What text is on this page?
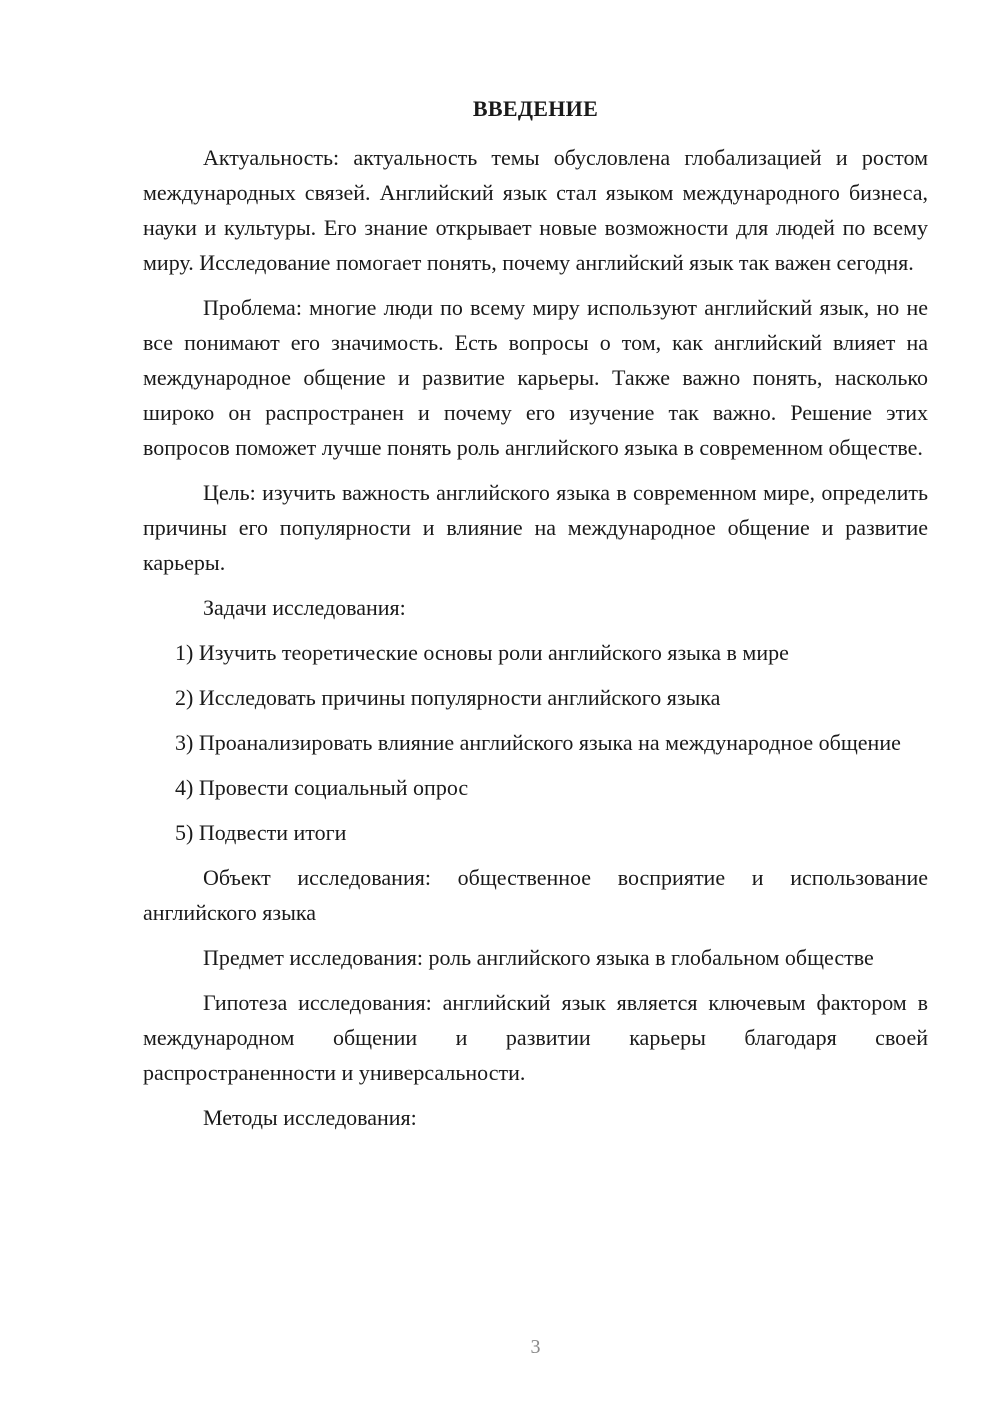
ВВЕДЕНИЕ

Актуальность: актуальность темы обусловлена глобализацией и ростом международных связей. Английский язык стал языком международного бизнеса, науки и культуры. Его знание открывает новые возможности для людей по всему миру. Исследование помогает понять, почему английский язык так важен сегодня.

Проблема: многие люди по всему миру используют английский язык, но не все понимают его значимость. Есть вопросы о том, как английский влияет на международное общение и развитие карьеры. Также важно понять, насколько широко он распространен и почему его изучение так важно. Решение этих вопросов поможет лучше понять роль английского языка в современном обществе.

Цель: изучить важность английского языка в современном мире, определить причины его популярности и влияние на международное общение и развитие карьеры.

Задачи исследования:

1) Изучить теоретические основы роли английского языка в мире

2) Исследовать причины популярности английского языка

3) Проанализировать влияние английского языка на международное общение

4) Провести социальный опрос

5) Подвести итоги

Объект исследования: общественное восприятие и использование английского языка

Предмет исследования: роль английского языка в глобальном обществе

Гипотеза исследования: английский язык является ключевым фактором в международном общении и развитии карьеры благодаря своей распространенности и универсальности.

Методы исследования:

3
